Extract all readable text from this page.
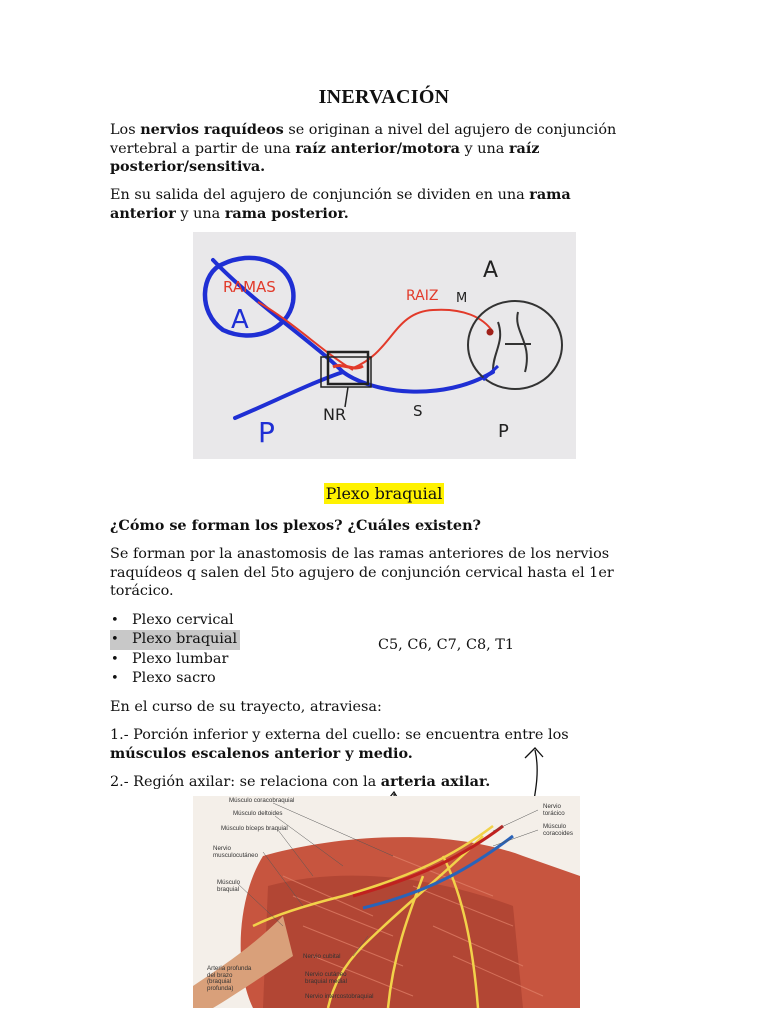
INERVACIÓN
Los nervios raquídeos se originan a nivel del agujero de conjunción vertebral a partir de una raíz anterior/motora y una raíz posterior/sensitiva.
En su salida del agujero de conjunción se dividen en una rama anterior y una rama posterior.
RAMAS
A
A
RAIZ M
NR	S
P	P
Plexo braquial
¿Cómo se forman los plexos? ¿Cuáles existen?
Se forman por la anastomosis de las ramas anteriores de los nervios raquídeos q salen del 5to agujero de conjunción cervical hasta el 1er torácico.
• Plexo cervical
• Plexo braquial
• Plexo lumbar
• Plexo sacro
C5, C6, C7, C8, T1
En el curso de su trayecto, atraviesa:
1.- Porción inferior y externa del cuello: se encuentra entre los músculos escalenos anterior y medio.
2.- Región axilar: se relaciona con la arteria axilar.
Músculo coracobraquial
Músculo deltoides
Músculo bíceps braquial
Nervio musculocutáneo
Músculo braquial
Arteria profunda del brazo (braquial profunda)
Nervio torácico
Músculo coracoides
Nervio cubital
Nervio cutáneo braquial medial
Nervio intercostobraquial
